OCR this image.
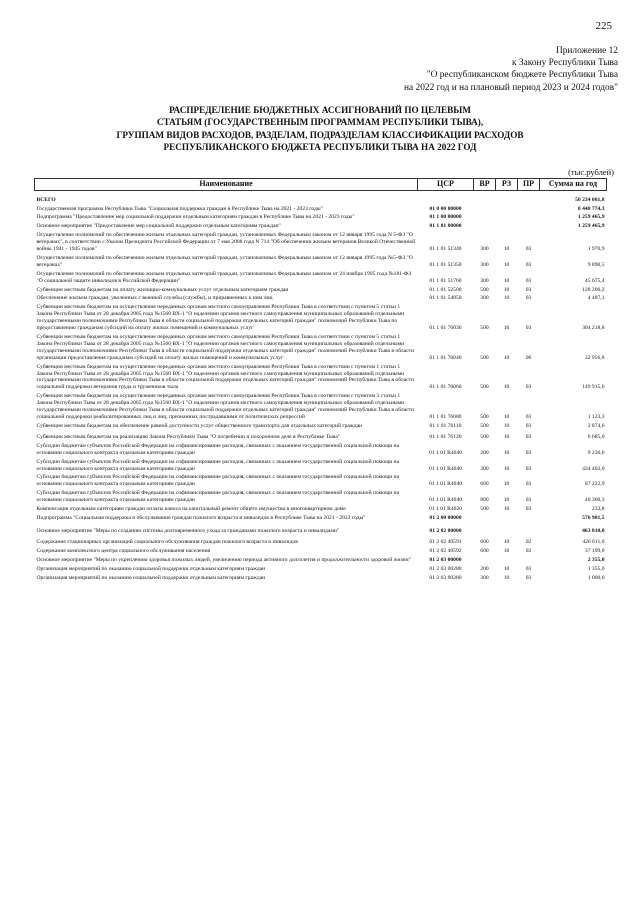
225
Приложение 12
к Закону Республики Тыва
"О республиканском бюджете Республики Тыва
на 2022 год и на плановый период 2023 и 2024 годов"
РАСПРЕДЕЛЕНИЕ БЮДЖЕТНЫХ АССИГНОВАНИЙ ПО ЦЕЛЕВЫМ
СТАТЬЯМ (ГОСУДАРСТВЕННЫМ ПРОГРАММАМ РЕСПУБЛИКИ ТЫВА),
ГРУППАМ ВИДОВ РАСХОДОВ, РАЗДЕЛАМ, ПОДРАЗДЕЛАМ КЛАССИФИКАЦИИ РАСХОДОВ
РЕСПУБЛИКАНСКОГО БЮДЖЕТА РЕСПУБЛИКИ ТЫВА НА 2022 ГОД
(тыс.рублей)
Наименование	ЦСР	ВР	РЗ	ПР	Сумма на год
ВСЕГО					50 234 001,8
Государственная программа Республики Тыва "Социальная поддержка граждан в Республике Тыва на 2021 - 2023 годы"	01 0 00 00000				8 448 774,3
Подпрограмма "Предоставление мер социальной поддержки отдельным категориям граждан в Республике Тыва на 2021 - 2023 годы"	01 1 00 00000				1 259 465,9
Основное мероприятие "Предоставление мер социальной поддержки отдельным категориям граждан"	01 1 01 00000				1 259 465,9
Осуществление полномочий по обеспечению жильем отдельных категорий граждан, установленных Федеральным законом от 12 января 1995 года N 5-ФЗ "О ветеранах", в соответствии с Указом Президента Российской Федерации от 7 мая 2008 года N 714 "Об обеспечении жильем ветеранов Великой Отечественной войны 1941 - 1945 годов"	01 1 01 51340	300	10	03	1 976,9
Осуществление полномочий по обеспечению жильем отдельных категорий граждан, установленных Федеральным законом от 12 января 1995 года №5-ФЗ "О ветеранах"	01 1 01 51350	300	10	03	9 890,5
Осуществление полномочий по обеспечению жильем отдельных категорий граждан, установленных Федеральным законом от 24 ноября 1995 года №181-ФЗ "О социальной защите инвалидов в Российской Федерации"	01 1 01 51760	300	10	03	45 675,4
Субвенции местным бюджетам на оплату жилищно-коммунальных услуг отдельным категориям граждан	01 1 01 52500	500	10	03	128 206,2
Обеспечение жильем граждан, уволенных с военной службы (службы), и приравненных к ним лиц	01 1 01 54850	300	10	03	4 487,1
Субвенции местным бюджетам на осуществление переданных органам местного самоуправления Республики Тыва в соответствии с пунктом 5 статьи 1 Закона Республики Тыва от 28 декабря 2005 года №1560 ВХ-1 "О наделении органов местного самоуправления муниципальных образований отдельными государственными полномочиями Республики Тыва в области социальной поддержки отдельных категорий граждан" полномочий Республики Тыва по предоставлению гражданам субсидий на оплату жилых помещений и коммунальных услуг	01 1 01 76030	500	10	03	304 218,8
Субвенции местным бюджетам на осуществление переданных органам местного самоуправления Республики Тыва в соответствии с пунктом 5 статьи 1 Закона Республики Тыва от 28 декабря 2005 года №1560 ВХ-1 "О наделении органов местного самоуправления муниципальных образований отдельными государственными полномочиями Республики Тыва в области социальной поддержки отдельных категорий граждан" полномочий Республики Тыва в области организации предоставления гражданам субсидий на оплату жилых помещений и коммунальных услуг	01 1 01 76040	500	10	06	32 956,8
Субвенции местным бюджетам на осуществление переданных органам местного самоуправления Республики Тыва в соответствии с пунктом 1 статьи 1 Закона Республики Тыва от 28 декабря 2005 года №1560 ВХ-1 "О наделении органов местного самоуправления муниципальных образований отдельными государственными полномочиями Республики Тыва в области социальной поддержки отдельных категорий граждан" полномочий Республики Тыва в области социальной поддержки ветеранов труда и тружеников тыла	01 1 01 76060	500	10	03	149 915,6
Субвенции местным бюджетам на осуществление переданных органам местного самоуправления Республики Тыва в соответствии с пунктом 3 статьи 1 Закона Республики Тыва от 28 декабря 2005 года №1560 ВХ-1 "О наделении органов местного самоуправления муниципальных образований отдельными государственными полномочиями Республики Тыва в области социальной поддержки отдельных категорий граждан" полномочий Республики Тыва в области социальной поддержки реабилитированных лиц и лиц, признанных пострадавшими от политических репрессий	01 1 01 76080	500	10	03	1 123,3
Субвенции местным бюджетам на обеспечение равной доступности услуг общественного транспорта для отдельных категорий граждан	01 1 01 76110	500	10	03	2 874,6
Субвенции местным бюджетам на реализацию Закона Республики Тыва "О погребении и похоронном деле в Республике Тыва"	01 1 01 76120	500	10	03	6 685,0
Субсидии бюджетам субъектов Российской Федерации на софинансирование расходов, связанных с оказанием государственной социальной помощи на основании социального контракта отдельным категориям граждан	01 1 01 R4040	200	10	03	9 236,6
Субсидии бюджетам субъектов Российской Федерации на софинансирование расходов, связанных с оказанием государственной социальной помощи на основании социального контракта отдельным категориям граждан	01 1 01 R4040	300	10	03	434 402,0
Субсидии бюджетам субъектов Российской Федерации на софинансирование расходов, связанных с оказанием государственной социальной помощи на основании социального контракта отдельным категориям граждан	01 1 01 R4040	600	10	03	87 222,9
Субсидии бюджетам субъектов Российской Федерации на софинансирование расходов, связанных с оказанием государственной социальной помощи на основании социального контракта отдельным категориям граждан	01 1 01 R4040	800	10	03	40 360,3
Компенсация отдельным категориям граждан оплаты взноса на капитальный ремонт общего имущества в многоквартирном доме	01 1 01 R4620	500	10	03	233,8
Подпрограмма "Социальная поддержка и обслуживание граждан пожилого возраста и инвалидов в Республике Тыва на 2021 - 2023 годы"	01 2 00 00000				576 901,5
Основное мероприятие "Меры по созданию системы долговременного ухода за гражданами пожилого возраста и инвалидами"	01 2 02 00000				463 810,0
Содержание стационарных организаций социального обслуживания граждан пожилого возраста и инвалидов	01 2 02 40591	600	10	02	426 611,0
Содержание комплексного центра социального обслуживания населения	01 2 02 40592	600	10	02	37 199,0
Основное мероприятие "Меры по укреплению здоровья пожилых людей, увеличению периода активного долголетия и продолжительности здоровой жизни"	01 2 03 00000				2 355,0
Организация мероприятий по оказанию социальной поддержки отдельным категориям граждан	01 2 03 00280	200	10	03	1 355,0
Организация мероприятий по оказанию социальной поддержки отдельным категориям граждан	01 2 03 00280	300	10	03	1 000,0
